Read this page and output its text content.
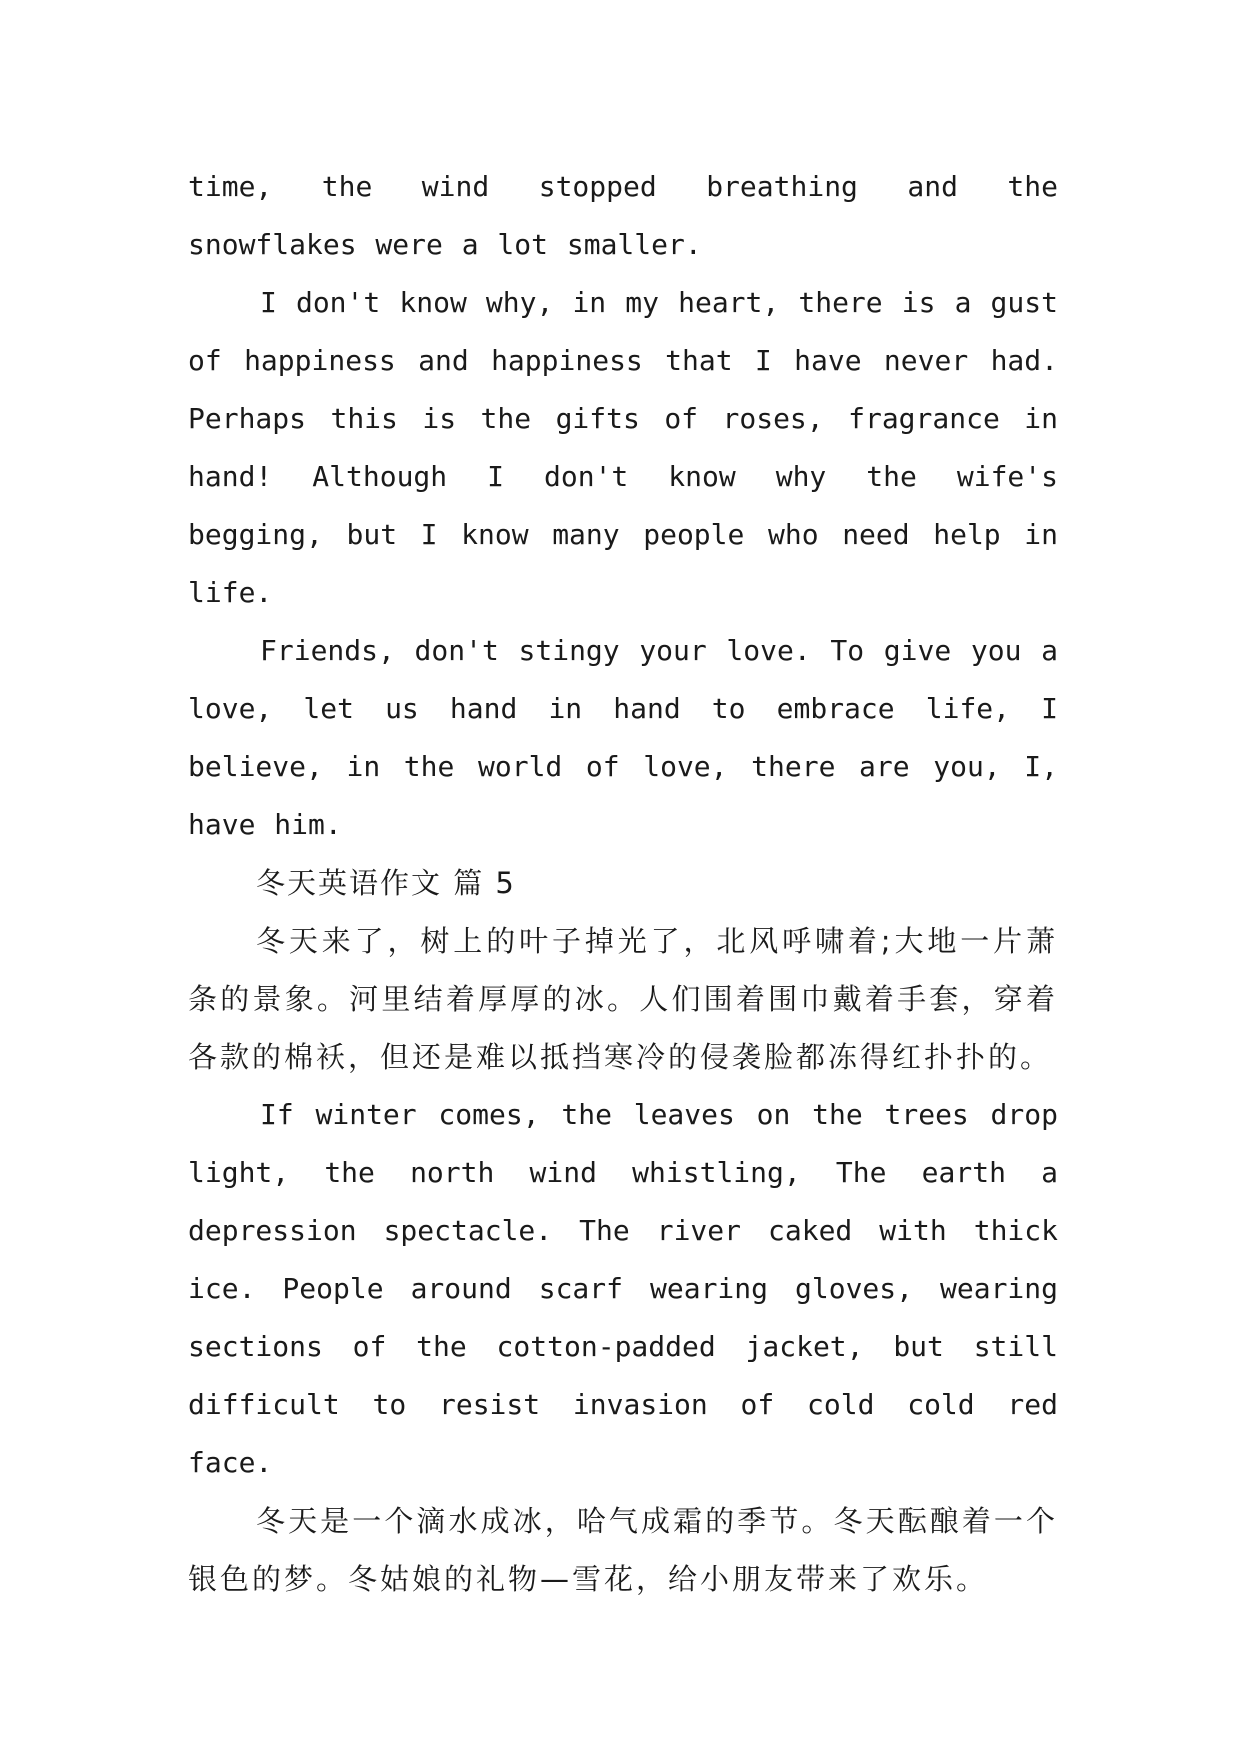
time, the wind stopped breathing and the snowflakes were a lot smaller.

I don't know why, in my heart, there is a gust of happiness and happiness that I have never had. Perhaps this is the gifts of roses, fragrance in hand! Although I don't know why the wife's begging, but I know many people who need help in life.

Friends, don't stingy your love. To give you a love, let us hand in hand to embrace life, I believe, in the world of love, there are you, I, have him.

冬天英语作文 篇 5

冬天来了，树上的叶子掉光了，北风呼啸着;大地一片萧条的景象。河里结着厚厚的冰。人们围着围巾戴着手套，穿着各款的棉袄，但还是难以抵挡寒冷的侵袭脸都冻得红扑扑的。

If winter comes, the leaves on the trees drop light, the north wind whistling, The earth a depression spectacle. The river caked with thick ice. People around scarf wearing gloves, wearing sections of the cotton-padded jacket, but still difficult to resist invasion of cold cold red face.

冬天是一个滴水成冰，哈气成霜的季节。冬天酝酿着一个银色的梦。冬姑娘的礼物—雪花，给小朋友带来了欢乐。
